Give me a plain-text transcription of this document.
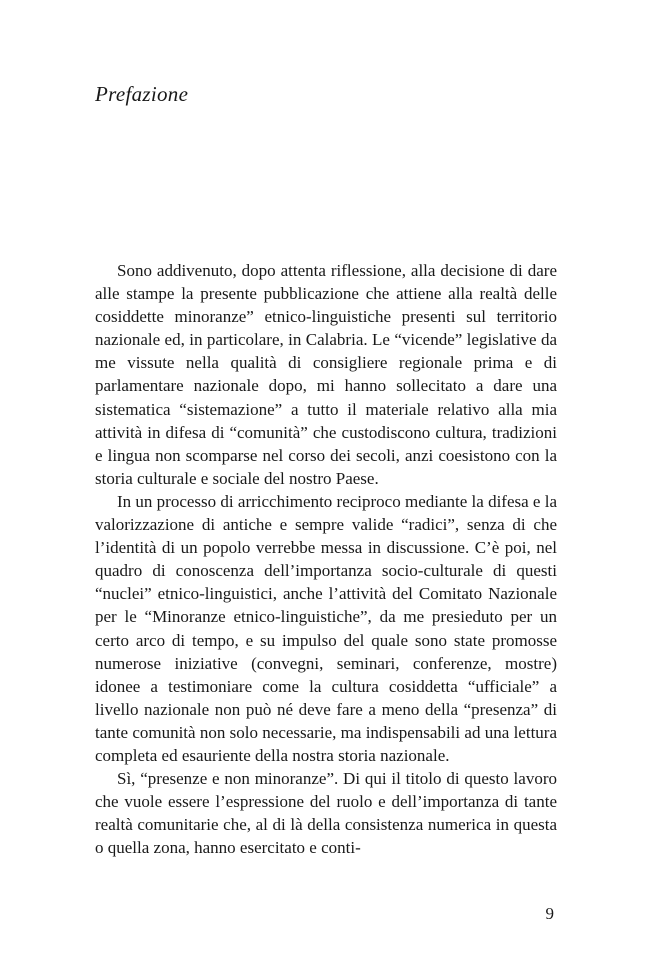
Prefazione

Sono addivenuto, dopo attenta riflessione, alla decisione di dare alle stampe la presente pubblicazione che attiene alla realtà delle cosiddette minoranze” etnico-linguistiche presenti sul territorio nazionale ed, in particolare, in Calabria. Le “vicende” legislative da me vissute nella qualità di consigliere regionale prima e di parlamentare nazionale dopo, mi hanno sollecitato a dare una sistematica “sistemazione” a tutto il materiale relativo alla mia attività in difesa di “comunità” che custodiscono cultura, tradizioni e lingua non scomparse nel corso dei secoli, anzi coesistono con la storia culturale e sociale del nostro Paese.

In un processo di arricchimento reciproco mediante la difesa e la valorizzazione di antiche e sempre valide “radici”, senza di che l’identità di un popolo verrebbe messa in discussione. C’è poi, nel quadro di conoscenza dell’importanza socio-culturale di questi “nuclei” etnico-linguistici, anche l’attività del Comitato Nazionale per le “Minoranze etnico-linguistiche”, da me presieduto per un certo arco di tempo, e su impulso del quale sono state promosse numerose iniziative (convegni, seminari, conferenze, mostre) idonee a testimoniare come la cultura cosiddetta “ufficiale” a livello nazionale non può né deve fare a meno della “presenza” di tante comunità non solo necessarie, ma indispensabili ad una lettura completa ed esauriente della nostra storia nazionale.

Sì, “presenze e non minoranze”. Di qui il titolo di questo lavoro che vuole essere l’espressione del ruolo e dell’importanza di tante realtà comunitarie che, al di là della consistenza numerica in questa o quella zona, hanno esercitato e conti-

9
